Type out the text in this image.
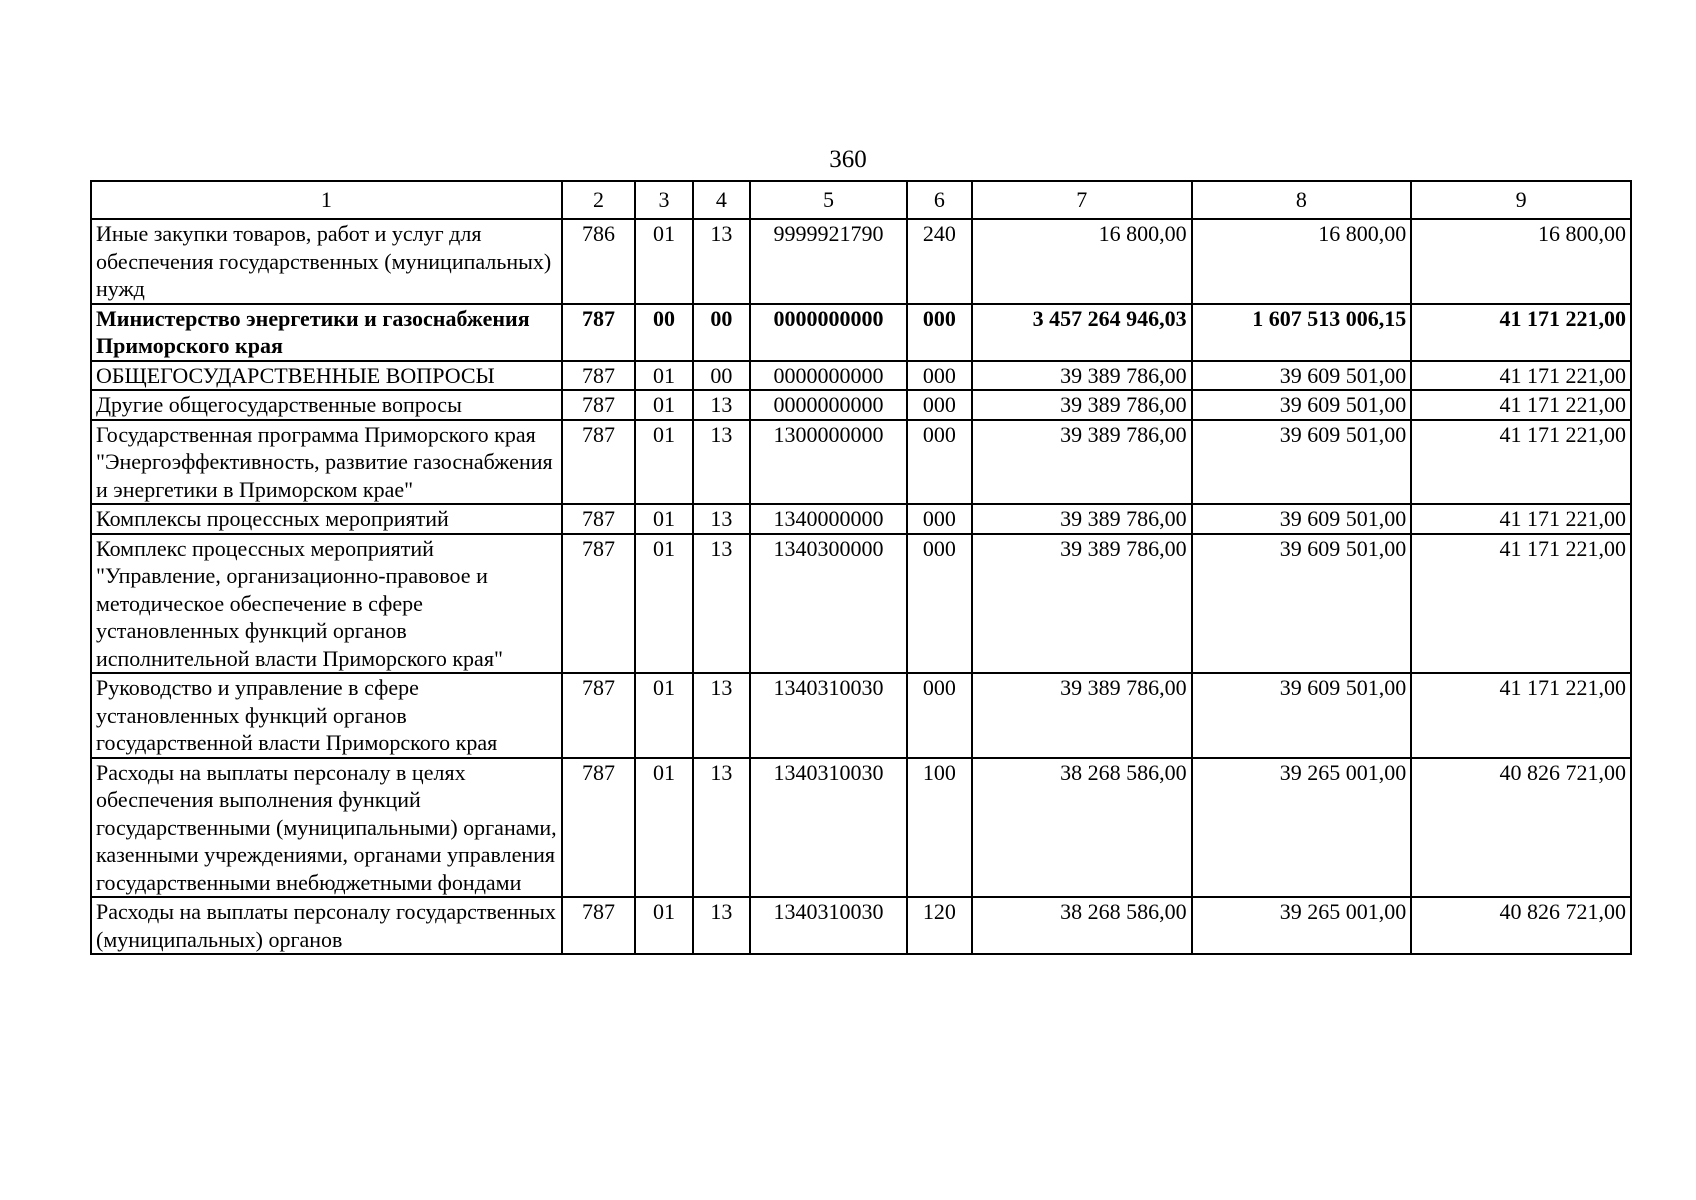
360
1	2	3	4	5	6	7	8	9
Иные закупки товаров, работ и услуг для обеспечения государственных (муниципальных) нужд	786	01	13	9999921790	240	16 800,00	16 800,00	16 800,00
Министерство энергетики и газоснабжения Приморского края	787	00	00	0000000000	000	3 457 264 946,03	1 607 513 006,15	41 171 221,00
ОБЩЕГОСУДАРСТВЕННЫЕ ВОПРОСЫ	787	01	00	0000000000	000	39 389 786,00	39 609 501,00	41 171 221,00
Другие общегосударственные вопросы	787	01	13	0000000000	000	39 389 786,00	39 609 501,00	41 171 221,00
Государственная программа Приморского края "Энергоэффективность, развитие газоснабжения и энергетики в Приморском крае"	787	01	13	1300000000	000	39 389 786,00	39 609 501,00	41 171 221,00
Комплексы процессных мероприятий	787	01	13	1340000000	000	39 389 786,00	39 609 501,00	41 171 221,00
Комплекс процессных мероприятий "Управление, организационно-правовое и методическое обеспечение в сфере установленных функций органов исполнительной власти Приморского края"	787	01	13	1340300000	000	39 389 786,00	39 609 501,00	41 171 221,00
Руководство и управление в сфере установленных функций органов государственной власти Приморского края	787	01	13	1340310030	000	39 389 786,00	39 609 501,00	41 171 221,00
Расходы на выплаты персоналу в целях обеспечения выполнения функций государственными (муниципальными) органами, казенными учреждениями, органами управления государственными внебюджетными фондами	787	01	13	1340310030	100	38 268 586,00	39 265 001,00	40 826 721,00
Расходы на выплаты персоналу государственных (муниципальных) органов	787	01	13	1340310030	120	38 268 586,00	39 265 001,00	40 826 721,00
